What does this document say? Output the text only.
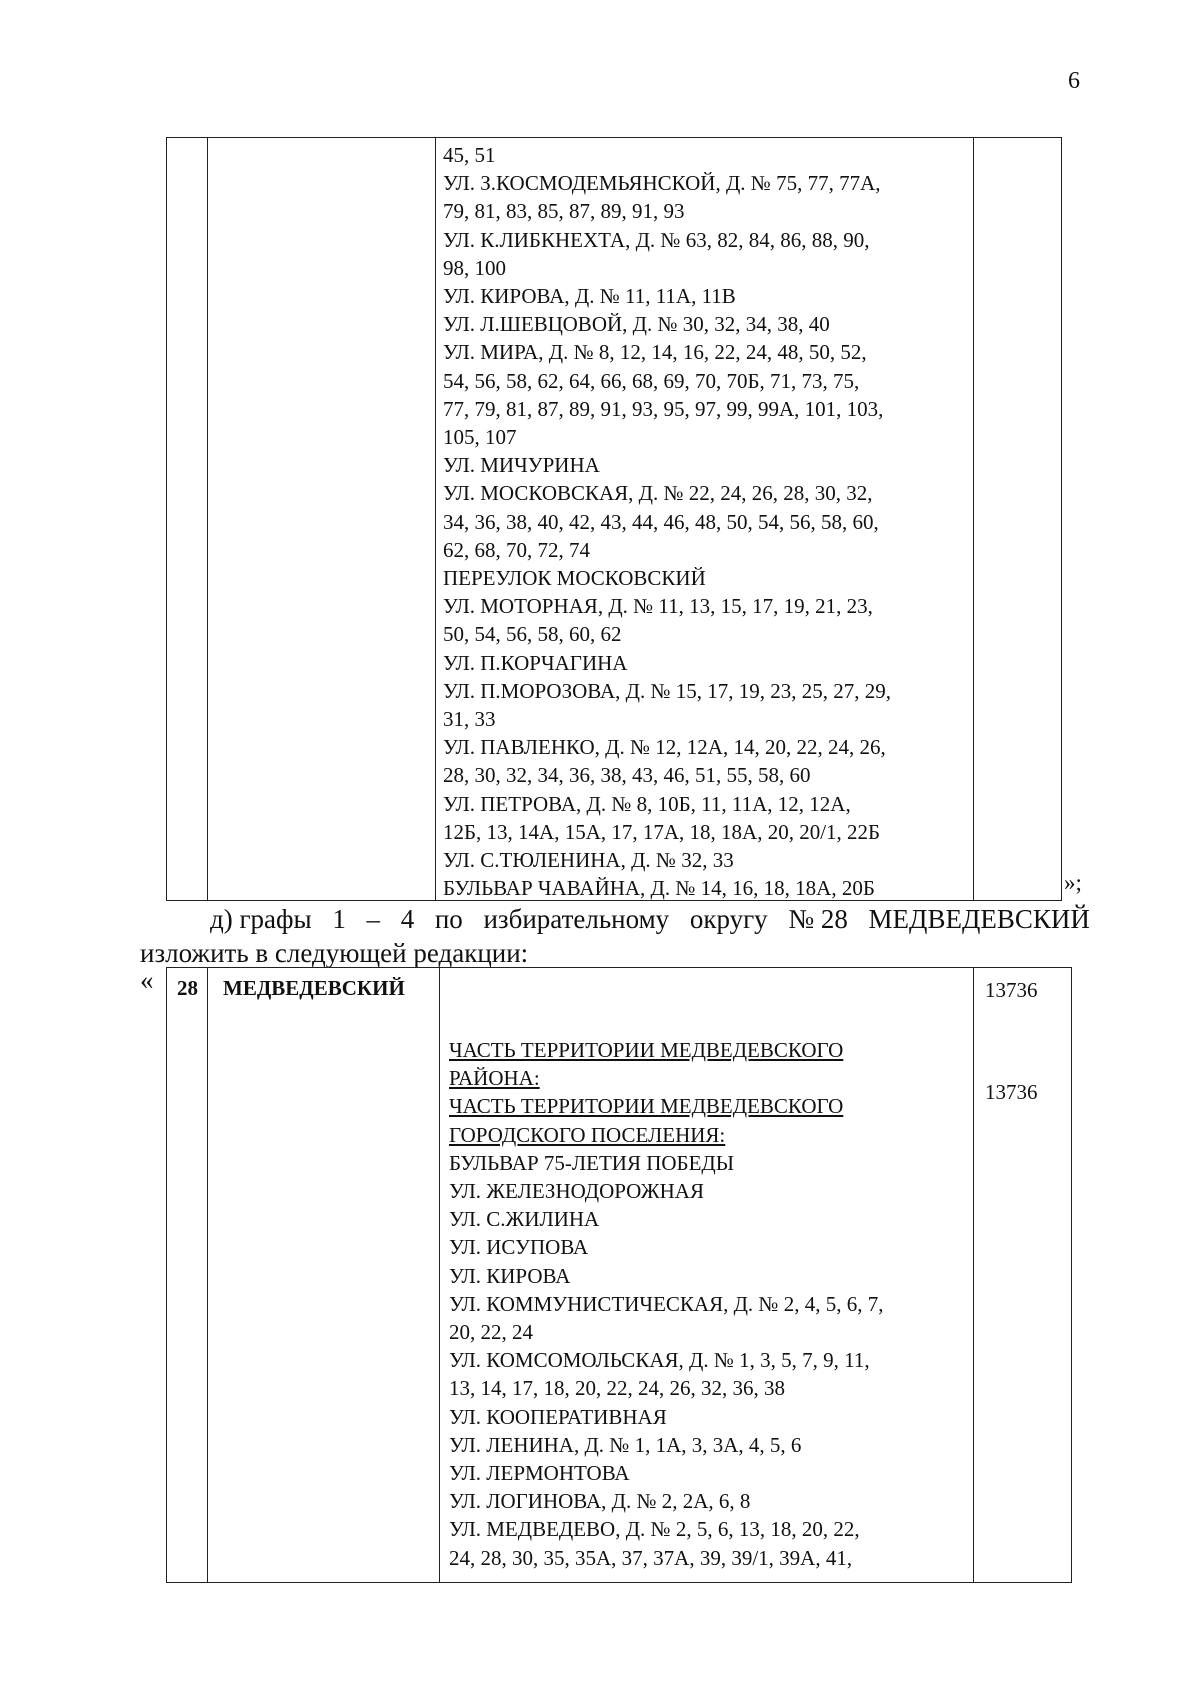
6
45, 51
УЛ. З.КОСМОДЕМЬЯНСКОЙ, Д. № 75, 77, 77А,
79, 81, 83, 85, 87, 89, 91, 93
УЛ. К.ЛИБКНЕХТА, Д. № 63, 82, 84, 86, 88, 90,
98, 100
УЛ. КИРОВА, Д. № 11, 11А, 11В
УЛ. Л.ШЕВЦОВОЙ, Д. № 30, 32, 34, 38, 40
УЛ. МИРА, Д. № 8, 12, 14, 16, 22, 24, 48, 50, 52,
54, 56, 58, 62, 64, 66, 68, 69, 70, 70Б, 71, 73, 75,
77, 79, 81, 87, 89, 91, 93, 95, 97, 99, 99А, 101, 103,
105, 107
УЛ. МИЧУРИНА
УЛ. МОСКОВСКАЯ, Д. № 22, 24, 26, 28, 30, 32,
34, 36, 38, 40, 42, 43, 44, 46, 48, 50, 54, 56, 58, 60,
62, 68, 70, 72, 74
ПЕРЕУЛОК МОСКОВСКИЙ
УЛ. МОТОРНАЯ, Д. № 11, 13, 15, 17, 19, 21, 23,
50, 54, 56, 58, 60, 62
УЛ. П.КОРЧАГИНА
УЛ. П.МОРОЗОВА, Д. № 15, 17, 19, 23, 25, 27, 29,
31, 33
УЛ. ПАВЛЕНКО, Д. № 12, 12А, 14, 20, 22, 24, 26,
28, 30, 32, 34, 36, 38, 43, 46, 51, 55, 58, 60
УЛ. ПЕТРОВА, Д. № 8, 10Б, 11, 11А, 12, 12А,
12Б, 13, 14А, 15А, 17, 17А, 18, 18А, 20, 20/1, 22Б
УЛ. С.ТЮЛЕНИНА, Д. № 32, 33
БУЛЬВАР ЧАВАЙНА, Д. № 14, 16, 18, 18А, 20Б	»;
д) графы 1 – 4 по избирательному округу № 28 МЕДВЕДЕВСКИЙ
изложить в следующей редакции:
« 28 МЕДВЕДЕВСКИЙ	13736
13736
ЧАСТЬ ТЕРРИТОРИИ МЕДВЕДЕВСКОГО
РАЙОНА:
ЧАСТЬ ТЕРРИТОРИИ МЕДВЕДЕВСКОГО
ГОРОДСКОГО ПОСЕЛЕНИЯ:
БУЛЬВАР 75-ЛЕТИЯ ПОБЕДЫ
УЛ. ЖЕЛЕЗНОДОРОЖНАЯ
УЛ. С.ЖИЛИНА
УЛ. ИСУПОВА
УЛ. КИРОВА
УЛ. КОММУНИСТИЧЕСКАЯ, Д. № 2, 4, 5, 6, 7,
20, 22, 24
УЛ. КОМСОМОЛЬСКАЯ, Д. № 1, 3, 5, 7, 9, 11,
13, 14, 17, 18, 20, 22, 24, 26, 32, 36, 38
УЛ. КООПЕРАТИВНАЯ
УЛ. ЛЕНИНА, Д. № 1, 1А, 3, 3А, 4, 5, 6
УЛ. ЛЕРМОНТОВА
УЛ. ЛОГИНОВА, Д. № 2, 2А, 6, 8
УЛ. МЕДВЕДЕВО, Д. № 2, 5, 6, 13, 18, 20, 22,
24, 28, 30, 35, 35А, 37, 37А, 39, 39/1, 39А, 41,
